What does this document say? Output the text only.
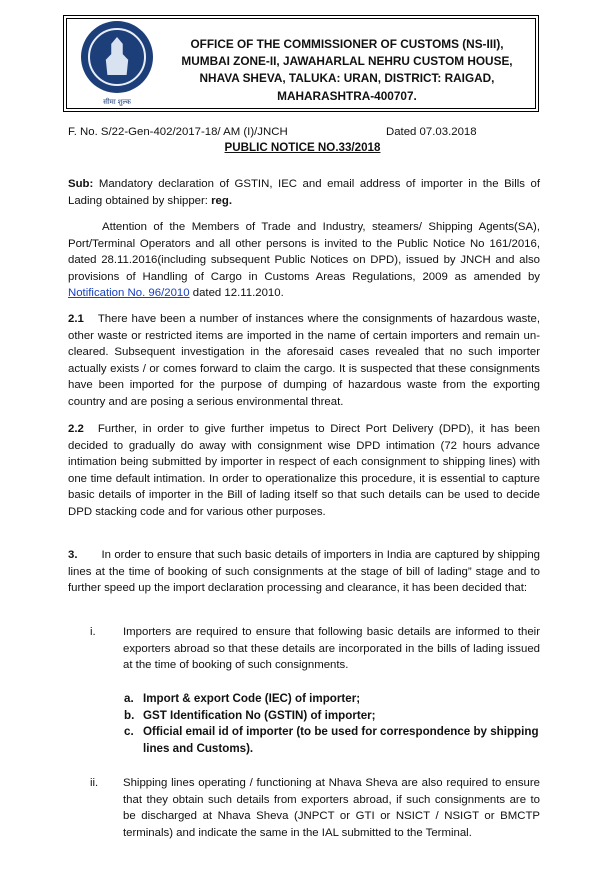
सीमा शुल्क
OFFICE OF THE COMMISSIONER OF CUSTOMS (NS-III),
MUMBAI ZONE-II, JAWAHARLAL NEHRU CUSTOM HOUSE,
NHAVA SHEVA, TALUKA: URAN, DISTRICT: RAIGAD,
MAHARASHTRA-400707.
F. No. S/22-Gen-402/2017-18/ AM (I)/JNCH	Dated 07.03.2018
PUBLIC NOTICE NO.33/2018
Sub: Mandatory declaration of GSTIN, IEC and email address of importer in the Bills of Lading obtained by shipper: reg.
Attention of the Members of Trade and Industry, steamers/ Shipping Agents(SA), Port/Terminal Operators and all other persons is invited to the Public Notice No 161/2016, dated 28.11.2016(including subsequent Public Notices on DPD), issued by JNCH and also provisions of Handling of Cargo in Customs Areas Regulations, 2009 as amended by Notification No. 96/2010 dated 12.11.2010.
2.1 There have been a number of instances where the consignments of hazardous waste, other waste or restricted items are imported in the name of certain importers and remain un-cleared. Subsequent investigation in the aforesaid cases revealed that no such importer actually exists / or comes forward to claim the cargo. It is suspected that these consignments have been imported for the purpose of dumping of hazardous waste from the exporting country and are posing a serious environmental threat.
2.2 Further, in order to give further impetus to Direct Port Delivery (DPD), it has been decided to gradually do away with consignment wise DPD intimation (72 hours advance intimation being submitted by importer in respect of each consignment to shipping lines) with one time default intimation. In order to operationalize this procedure, it is essential to capture basic details of importer in the Bill of lading itself so that such details can be used to decide DPD stacking code and for various other purposes.
3. In order to ensure that such basic details of importers in India are captured by shipping lines at the time of booking of such consignments at the stage of bill of lading” stage and to further speed up the import declaration processing and clearance, it has been decided that:
i. Importers are required to ensure that following basic details are informed to their exporters abroad so that these details are incorporated in the bills of lading issued at the time of booking of such consignments.
a. Import & export Code (IEC) of importer;
b. GST Identification No (GSTIN) of importer;
c. Official email id of importer (to be used for correspondence by shipping lines and Customs).
ii. Shipping lines operating / functioning at Nhava Sheva are also required to ensure that they obtain such details from exporters abroad, if such consignments are to be discharged at Nhava Sheva (JNPCT or GTI or NSICT / NSIGT or BMCTP terminals) and indicate the same in the IAL submitted to the Terminal.
